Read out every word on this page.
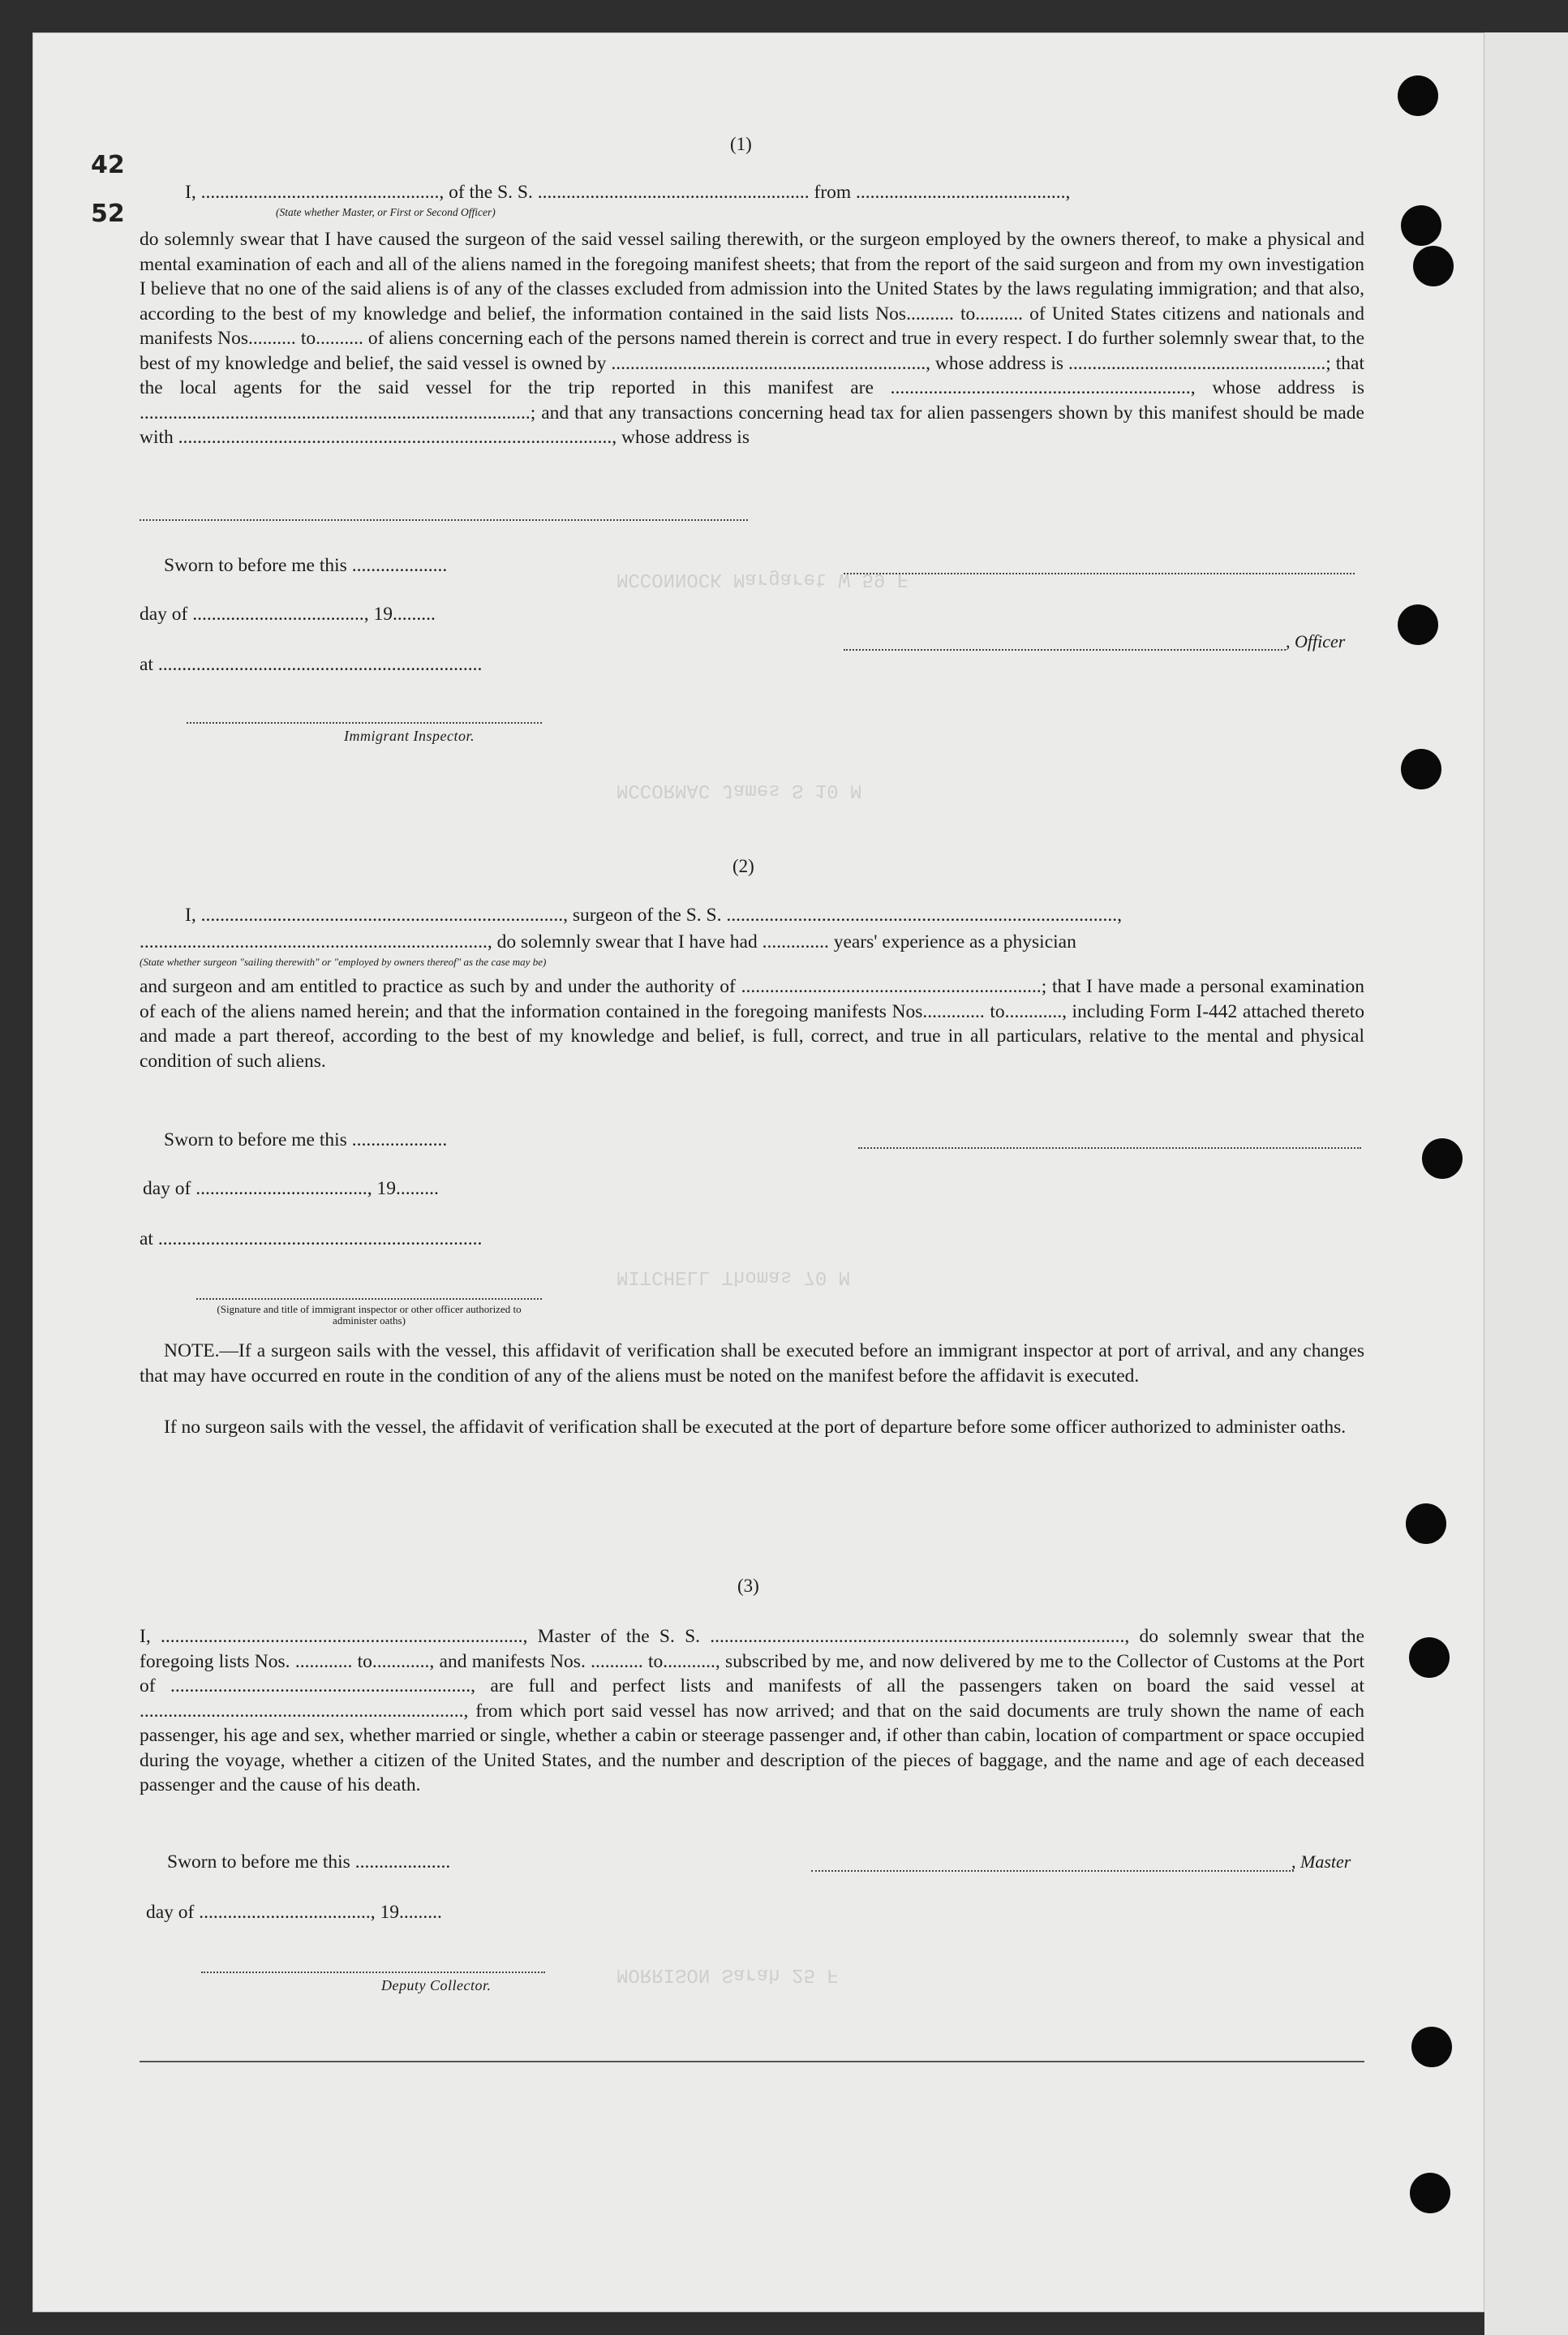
MCCONNOCK Margaret W 59 F
MCCORMAC James S 10 M
MITCHELL Thomas 70 M
MORRISON Sarah 25 F
42
52
(1)
I, .................................................., of the S. S. ......................................................... from ............................................,
(State whether Master, or First or Second Officer)
do solemnly swear that I have caused the surgeon of the said vessel sailing therewith, or the surgeon employed by the owners thereof, to make a physical and mental examination of each and all of the aliens named in the foregoing manifest sheets; that from the report of the said surgeon and from my own investigation I believe that no one of the said aliens is of any of the classes excluded from admission into the United States by the laws regulating immigration; and that also, according to the best of my knowledge and belief, the information contained in the said lists Nos.......... to.......... of United States citizens and nationals and manifests Nos.......... to.......... of aliens concerning each of the persons named therein is correct and true in every respect. I do further solemnly swear that, to the best of my knowledge and belief, the said vessel is owned by .................................................................., whose address is ......................................................; that the local agents for the said vessel for the trip reported in this manifest are ..............................................................., whose address is ..................................................................................; and that any transactions concerning head tax for alien passengers shown by this manifest should be made with ..........................................................................................., whose address is
Sworn to before me this ....................
day of ...................................., 19.........
at ....................................................................
, Officer
Immigrant Inspector.
(2)
I, ............................................................................, surgeon of the S. S. ..................................................................................,
........................................................................., do solemnly swear that I have had .............. years' experience as a physician
(State whether surgeon "sailing therewith" or "employed by owners thereof" as the case may be)
and surgeon and am entitled to practice as such by and under the authority of ...............................................................; that I have made a personal examination of each of the aliens named herein; and that the information contained in the foregoing manifests Nos............. to............, including Form I-442 attached thereto and made a part thereof, according to the best of my knowledge and belief, is full, correct, and true in all particulars, relative to the mental and physical condition of such aliens.
Sworn to before me this ....................
day of ...................................., 19.........
at ....................................................................
(Signature and title of immigrant inspector or other officer authorized to administer oaths)
NOTE.—If a surgeon sails with the vessel, this affidavit of verification shall be executed before an immigrant inspector at port of arrival, and any changes that may have occurred en route in the condition of any of the aliens must be noted on the manifest before the affidavit is executed.
If no surgeon sails with the vessel, the affidavit of verification shall be executed at the port of departure before some officer authorized to administer oaths.
(3)
I, ............................................................................, Master of the S. S. ......................................................................................., do solemnly swear that the foregoing lists Nos. ............ to............, and manifests Nos. ........... to..........., subscribed by me, and now delivered by me to the Collector of Customs at the Port of ..............................................................., are full and perfect lists and manifests of all the passengers taken on board the said vessel at ...................................................................., from which port said vessel has now arrived; and that on the said documents are truly shown the name of each passenger, his age and sex, whether married or single, whether a cabin or steerage passenger and, if other than cabin, location of compartment or space occupied during the voyage, whether a citizen of the United States, and the number and description of the pieces of baggage, and the name and age of each deceased passenger and the cause of his death.
Sworn to before me this ....................	, Master
day of ...................................., 19.........
Deputy Collector.
